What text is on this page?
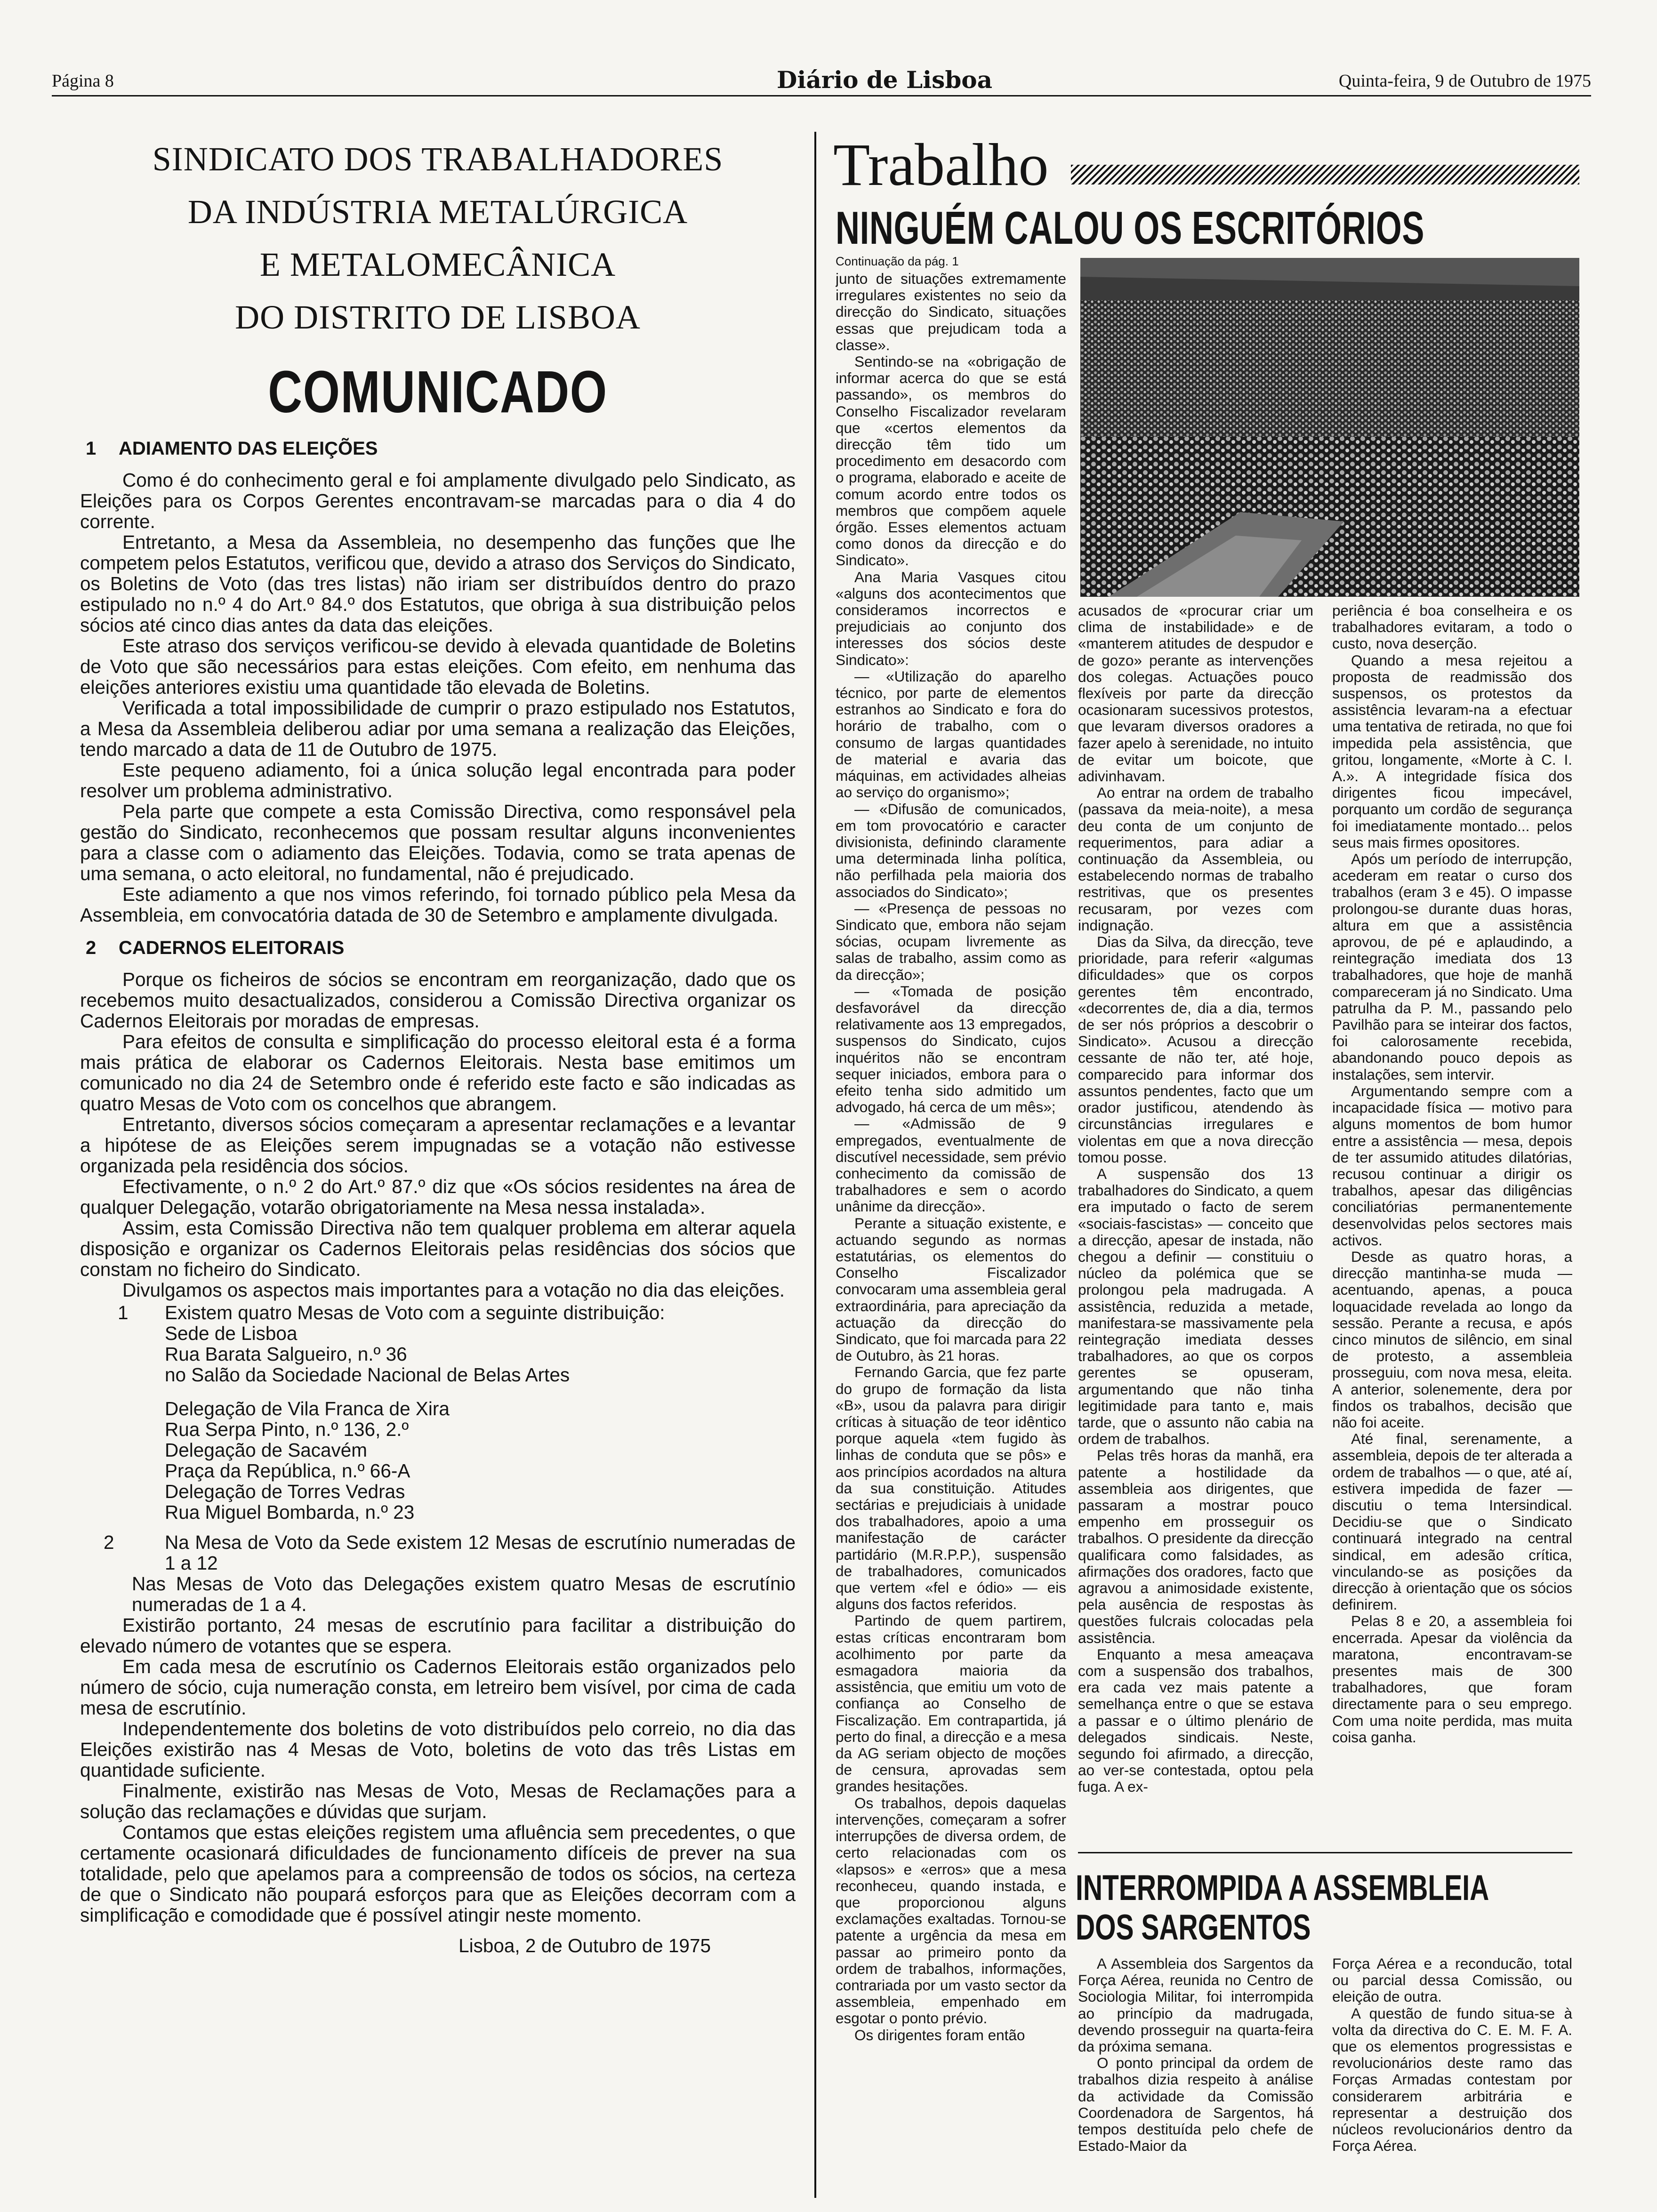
Página 8	Diário de Lisboa	Quinta-feira, 9 de Outubro de 1975
SINDICATO DOS TRABALHADORES
DA INDÚSTRIA METALÚRGICA
E METALOMECÂNICA
DO DISTRITO DE LISBOA
COMUNICADO
1 ADIAMENTO DAS ELEIÇÕES

Como é do conhecimento geral e foi amplamente divulgado pelo Sindicato, as Eleições para os Corpos Gerentes encontravam-se marcadas para o dia 4 do corrente.

Entretanto, a Mesa da Assembleia, no desempenho das funções que lhe competem pelos Estatutos, verificou que, devido a atraso dos Serviços do Sindicato, os Boletins de Voto (das tres listas) não iriam ser distribuídos dentro do prazo estipulado no n.º 4 do Art.º 84.º dos Estatutos, que obriga à sua distribuição pelos sócios até cinco dias antes da data das eleições.

Este atraso dos serviços verificou-se devido à elevada quantidade de Boletins de Voto que são necessários para estas eleições. Com efeito, em nenhuma das eleições anteriores existiu uma quantidade tão elevada de Boletins.

Verificada a total impossibilidade de cumprir o prazo estipulado nos Estatutos, a Mesa da Assembleia deliberou adiar por uma semana a realização das Eleições, tendo marcado a data de 11 de Outubro de 1975.

Este pequeno adiamento, foi a única solução legal encontrada para poder resolver um problema administrativo.

Pela parte que compete a esta Comissão Directiva, como responsável pela gestão do Sindicato, reconhecemos que possam resultar alguns inconvenientes para a classe com o adiamento das Eleições. Todavia, como se trata apenas de uma semana, o acto eleitoral, no fundamental, não é prejudicado.

Este adiamento a que nos vimos referindo, foi tornado público pela Mesa da Assembleia, em convocatória datada de 30 de Setembro e amplamente divulgada.

2 CADERNOS ELEITORAIS

Porque os ficheiros de sócios se encontram em reorganização, dado que os recebemos muito desactualizados, considerou a Comissão Directiva organizar os Cadernos Eleitorais por moradas de empresas.

Para efeitos de consulta e simplificação do processo eleitoral esta é a forma mais prática de elaborar os Cadernos Eleitorais. Nesta base emitimos um comunicado no dia 24 de Setembro onde é referido este facto e são indicadas as quatro Mesas de Voto com os concelhos que abrangem.

Entretanto, diversos sócios começaram a apresentar reclamações e a levantar a hipótese de as Eleições serem impugnadas se a votação não estivesse organizada pela residência dos sócios.

Efectivamente, o n.º 2 do Art.º 87.º diz que «Os sócios residentes na área de qualquer Delegação, votarão obrigatoriamente na Mesa nessa instalada».

Assim, esta Comissão Directiva não tem qualquer problema em alterar aquela disposição e organizar os Cadernos Eleitorais pelas residências dos sócios que constam no ficheiro do Sindicato.

Divulgamos os aspectos mais importantes para a votação no dia das eleições.

1	Existem quatro Mesas de Voto com a seguinte distribuição:

Sede de Lisboa

Rua Barata Salgueiro, n.º 36

no Salão da Sociedade Nacional de Belas Artes

Delegação de Vila Franca de Xira

Rua Serpa Pinto, n.º 136, 2.º

Delegação de Sacavém

Praça da República, n.º 66-A

Delegação de Torres Vedras

Rua Miguel Bombarda, n.º 23

2	Na Mesa de Voto da Sede existem 12 Mesas de escrutínio numeradas de 1 a 12

Nas Mesas de Voto das Delegações existem quatro Mesas de escrutínio numeradas de 1 a 4.

Existirão portanto, 24 mesas de escrutínio para facilitar a distribuição do elevado número de votantes que se espera.

Em cada mesa de escrutínio os Cadernos Eleitorais estão organizados pelo número de sócio, cuja numeração consta, em letreiro bem visível, por cima de cada mesa de escrutínio.

Independentemente dos boletins de voto distribuídos pelo correio, no dia das Eleições existirão nas 4 Mesas de Voto, boletins de voto das três Listas em quantidade suficiente.

Finalmente, existirão nas Mesas de Voto, Mesas de Reclamações para a solução das reclamações e dúvidas que surjam.

Contamos que estas eleições registem uma afluência sem precedentes, o que certamente ocasionará dificuldades de funcionamento difíceis de prever na sua totalidade, pelo que apelamos para a compreensão de todos os sócios, na certeza de que o Sindicato não poupará esforços para que as Eleições decorram com a simplificação e comodidade que é possível atingir neste momento.

Lisboa, 2 de Outubro de 1975
Trabalho
NINGUÉM CALOU OS ESCRITÓRIOS
Continuação da pág. 1

junto de situações extremamente irregulares existentes no seio da direcção do Sindicato, situações essas que prejudicam toda a classe».

Sentindo-se na «obrigação de informar acerca do que se está passando», os membros do Conselho Fiscalizador revelaram que «certos elementos da direcção têm tido um procedimento em desacordo com o programa, elaborado e aceite de comum acordo entre todos os membros que compõem aquele órgão. Esses elementos actuam como donos da direcção e do Sindicato».

Ana Maria Vasques citou «alguns dos acontecimentos que consideramos incorrectos e prejudiciais ao conjunto dos interesses dos sócios deste Sindicato»:

— «Utilização do aparelho técnico, por parte de elementos estranhos ao Sindicato e fora do horário de trabalho, com o consumo de largas quantidades de material e avaria das máquinas, em actividades alheias ao serviço do organismo»;

— «Difusão de comunicados, em tom provocatório e caracter divisionista, definindo claramente uma determinada linha política, não perfilhada pela maioria dos associados do Sindicato»;

— «Presença de pessoas no Sindicato que, embora não sejam sócias, ocupam livremente as salas de trabalho, assim como as da direcção»;

— «Tomada de posição desfavorável da direcção relativamente aos 13 empregados, suspensos do Sindicato, cujos inquéritos não se encontram sequer iniciados, embora para o efeito tenha sido admitido um advogado, há cerca de um mês»;

— «Admissão de 9 empregados, eventualmente de discutível necessidade, sem prévio conhecimento da comissão de trabalhadores e sem o acordo unânime da direcção».

Perante a situação existente, e actuando segundo as normas estatutárias, os elementos do Conselho Fiscalizador convocaram uma assembleia geral extraordinária, para apreciação da actuação da direcção do Sindicato, que foi marcada para 22 de Outubro, às 21 horas.

Fernando Garcia, que fez parte do grupo de formação da lista «B», usou da palavra para dirigir críticas à situação de teor idêntico porque aquela «tem fugido às linhas de conduta que se pôs» e aos princípios acordados na altura da sua constituição. Atitudes sectárias e prejudiciais à unidade dos trabalhadores, apoio a uma manifestação de carácter partidário (M.R.P.P.), suspensão de trabalhadores, comunicados que vertem «fel e ódio» — eis alguns dos factos referidos.

Partindo de quem partirem, estas críticas encontraram bom acolhimento por parte da esmagadora maioria da assistência, que emitiu um voto de confiança ao Conselho de Fiscalização. Em contrapartida, já perto do final, a direcção e a mesa da AG seriam objecto de moções de censura, aprovadas sem grandes hesitações.

Os trabalhos, depois daquelas intervenções, começaram a sofrer interrupções de diversa ordem, de certo relacionadas com os «lapsos» e «erros» que a mesa reconheceu, quando instada, e que proporcionou alguns exclamações exaltadas. Tornou-se patente a urgência da mesa em passar ao primeiro ponto da ordem de trabalhos, informações, contrariada por um vasto sector da assembleia, empenhado em esgotar o ponto prévio.

Os dirigentes foram então

acusados de «procurar criar um clima de instabilidade» e de «manterem atitudes de despudor e de gozo» perante as intervenções dos colegas. Actuações pouco flexíveis por parte da direcção ocasionaram sucessivos protestos, que levaram diversos oradores a fazer apelo à serenidade, no intuito de evitar um boicote, que adivinhavam.

Ao entrar na ordem de trabalho (passava da meia-noite), a mesa deu conta de um conjunto de requerimentos, para adiar a continuação da Assembleia, ou estabelecendo normas de trabalho restritivas, que os presentes recusaram, por vezes com indignação.

Dias da Silva, da direcção, teve prioridade, para referir «algumas dificuldades» que os corpos gerentes têm encontrado, «decorrentes de, dia a dia, termos de ser nós próprios a descobrir o Sindicato». Acusou a direcção cessante de não ter, até hoje, comparecido para informar dos assuntos pendentes, facto que um orador justificou, atendendo às circunstâncias irregulares e violentas em que a nova direcção tomou posse.

A suspensão dos 13 trabalhadores do Sindicato, a quem era imputado o facto de serem «sociais-fascistas» — conceito que a direcção, apesar de instada, não chegou a definir — constituiu o núcleo da polémica que se prolongou pela madrugada. A assistência, reduzida a metade, manifestara-se massivamente pela reintegração imediata desses trabalhadores, ao que os corpos gerentes se opuseram, argumentando que não tinha legitimidade para tanto e, mais tarde, que o assunto não cabia na ordem de trabalhos.

Pelas três horas da manhã, era patente a hostilidade da assembleia aos dirigentes, que passaram a mostrar pouco empenho em prosseguir os trabalhos. O presidente da direcção qualificara como falsidades, as afirmações dos oradores, facto que agravou a animosidade existente, pela ausência de respostas às questões fulcrais colocadas pela assistência.

Enquanto a mesa ameaçava com a suspensão dos trabalhos, era cada vez mais patente a semelhança entre o que se estava a passar e o último plenário de delegados sindicais. Neste, segundo foi afirmado, a direcção, ao ver-se contestada, optou pela fuga. A ex-

periência é boa conselheira e os trabalhadores evitaram, a todo o custo, nova deserção.

Quando a mesa rejeitou a proposta de readmissão dos suspensos, os protestos da assistência levaram-na a efectuar uma tentativa de retirada, no que foi impedida pela assistência, que gritou, longamente, «Morte à C. I. A.». A integridade física dos dirigentes ficou impecável, porquanto um cordão de segurança foi imediatamente montado... pelos seus mais firmes opositores.

Após um período de interrupção, acederam em reatar o curso dos trabalhos (eram 3 e 45). O impasse prolongou-se durante duas horas, altura em que a assistência aprovou, de pé e aplaudindo, a reintegração imediata dos 13 trabalhadores, que hoje de manhã compareceram já no Sindicato. Uma patrulha da P. M., passando pelo Pavilhão para se inteirar dos factos, foi calorosamente recebida, abandonando pouco depois as instalações, sem intervir.

Argumentando sempre com a incapacidade física — motivo para alguns momentos de bom humor entre a assistência — mesa, depois de ter assumido atitudes dilatórias, recusou continuar a dirigir os trabalhos, apesar das diligências conciliatórias permanentemente desenvolvidas pelos sectores mais activos.

Desde as quatro horas, a direcção mantinha-se muda — acentuando, apenas, a pouca loquacidade revelada ao longo da sessão. Perante a recusa, e após cinco minutos de silêncio, em sinal de protesto, a assembleia prosseguiu, com nova mesa, eleita. A anterior, solenemente, dera por findos os trabalhos, decisão que não foi aceite.

Até final, serenamente, a assembleia, depois de ter alterada a ordem de trabalhos — o que, até aí, estivera impedida de fazer — discutiu o tema Intersindical. Decidiu-se que o Sindicato continuará integrado na central sindical, em adesão crítica, vinculando-se as posições da direcção à orientação que os sócios definirem.

Pelas 8 e 20, a assembleia foi encerrada. Apesar da violência da maratona, encontravam-se presentes mais de 300 trabalhadores, que foram directamente para o seu emprego. Com uma noite perdida, mas muita coisa ganha.

INTERROMPIDA A ASSEMBLEIA DOS SARGENTOS

A Assembleia dos Sargentos da Força Aérea, reunida no Centro de Sociologia Militar, foi interrompida ao princípio da madrugada, devendo prosseguir na quarta-feira da próxima semana.

O ponto principal da ordem de trabalhos dizia respeito à análise da actividade da Comissão Coordenadora de Sargentos, há tempos destituída pelo chefe de Estado-Maior da

Força Aérea e a reconducão, total ou parcial dessa Comissão, ou eleição de outra.

A questão de fundo situa-se à volta da directiva do C. E. M. F. A. que os elementos progressistas e revolucionários deste ramo das Forças Armadas contestam por considerarem arbitrária e representar a destruição dos núcleos revolucionários dentro da Força Aérea.
